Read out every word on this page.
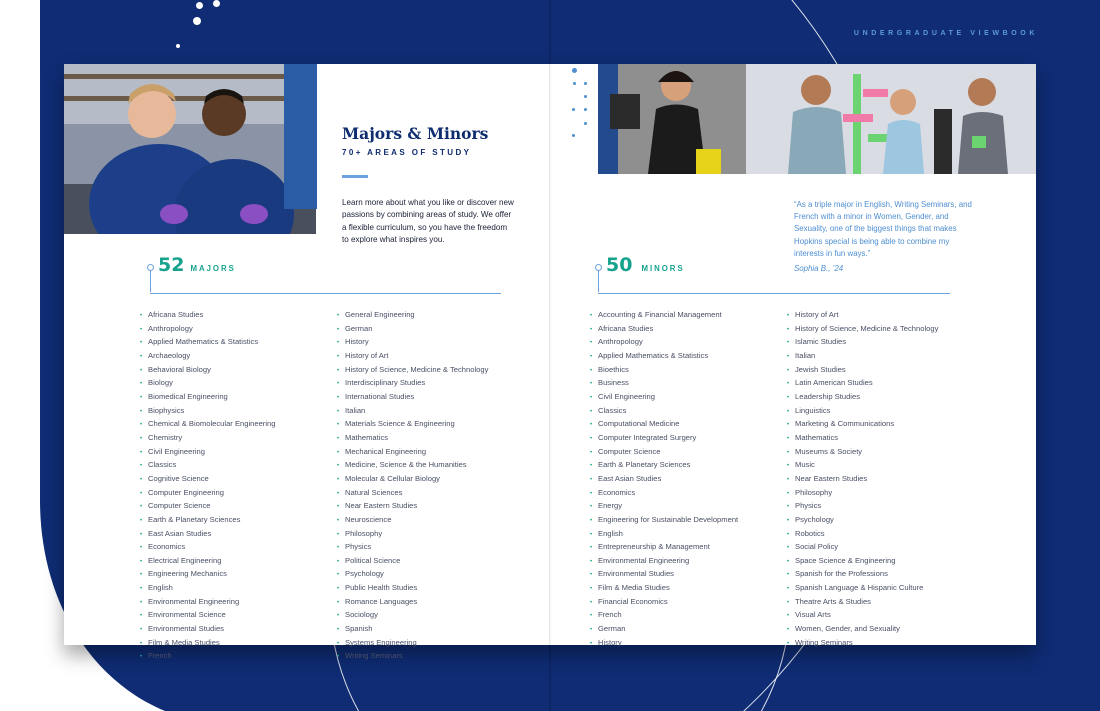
UNDERGRADUATE VIEWBOOK
Majors & Minors
70+ AREAS OF STUDY

Learn more about what you like or discover new passions by combining areas of study. We offer a flexible curriculum, so you have the freedom to explore what inspires you.

52 MAJORS
• Africana Studies
• Anthropology
• Applied Mathematics & Statistics
• Archaeology
• Behavioral Biology
• Biology
• Biomedical Engineering
• Biophysics
• Chemical & Biomolecular Engineering
• Chemistry
• Civil Engineering
• Classics
• Cognitive Science
• Computer Engineering
• Computer Science
• Earth & Planetary Sciences
• East Asian Studies
• Economics
• Electrical Engineering
• Engineering Mechanics
• English
• Environmental Engineering
• Environmental Science
• Environmental Studies
• Film & Media Studies
• French
• General Engineering
• German
• History
• History of Art
• History of Science, Medicine & Technology
• Interdisciplinary Studies
• International Studies
• Italian
• Materials Science & Engineering
• Mathematics
• Mechanical Engineering
• Medicine, Science & the Humanities
• Molecular & Cellular Biology
• Natural Sciences
• Near Eastern Studies
• Neuroscience
• Philosophy
• Physics
• Political Science
• Psychology
• Public Health Studies
• Romance Languages
• Sociology
• Spanish
• Systems Engineering
• Writing Seminars

“As a triple major in English, Writing Seminars, and French with a minor in Women, Gender, and Sexuality, one of the biggest things that makes Hopkins special is being able to combine my interests in fun ways.”

Sophia B., ’24
50 MINORS
• Accounting & Financial Management
• Africana Studies
• Anthropology
• Applied Mathematics & Statistics
• Bioethics
• Business
• Civil Engineering
• Classics
• Computational Medicine
• Computer Integrated Surgery
• Computer Science
• Earth & Planetary Sciences
• East Asian Studies
• Economics
• Energy
• Engineering for Sustainable Development
• English
• Entrepreneurship & Management
• Environmental Engineering
• Environmental Studies
• Film & Media Studies
• Financial Economics
• French
• German
• History
• History of Art
• History of Science, Medicine & Technology
• Islamic Studies
• Italian
• Jewish Studies
• Latin American Studies
• Leadership Studies
• Linguistics
• Marketing & Communications
• Mathematics
• Museums & Society
• Music
• Near Eastern Studies
• Philosophy
• Physics
• Psychology
• Robotics
• Social Policy
• Space Science & Engineering
• Spanish for the Professions
• Spanish Language & Hispanic Culture
• Theatre Arts & Studies
• Visual Arts
• Women, Gender, and Sexuality
• Writing Seminars
